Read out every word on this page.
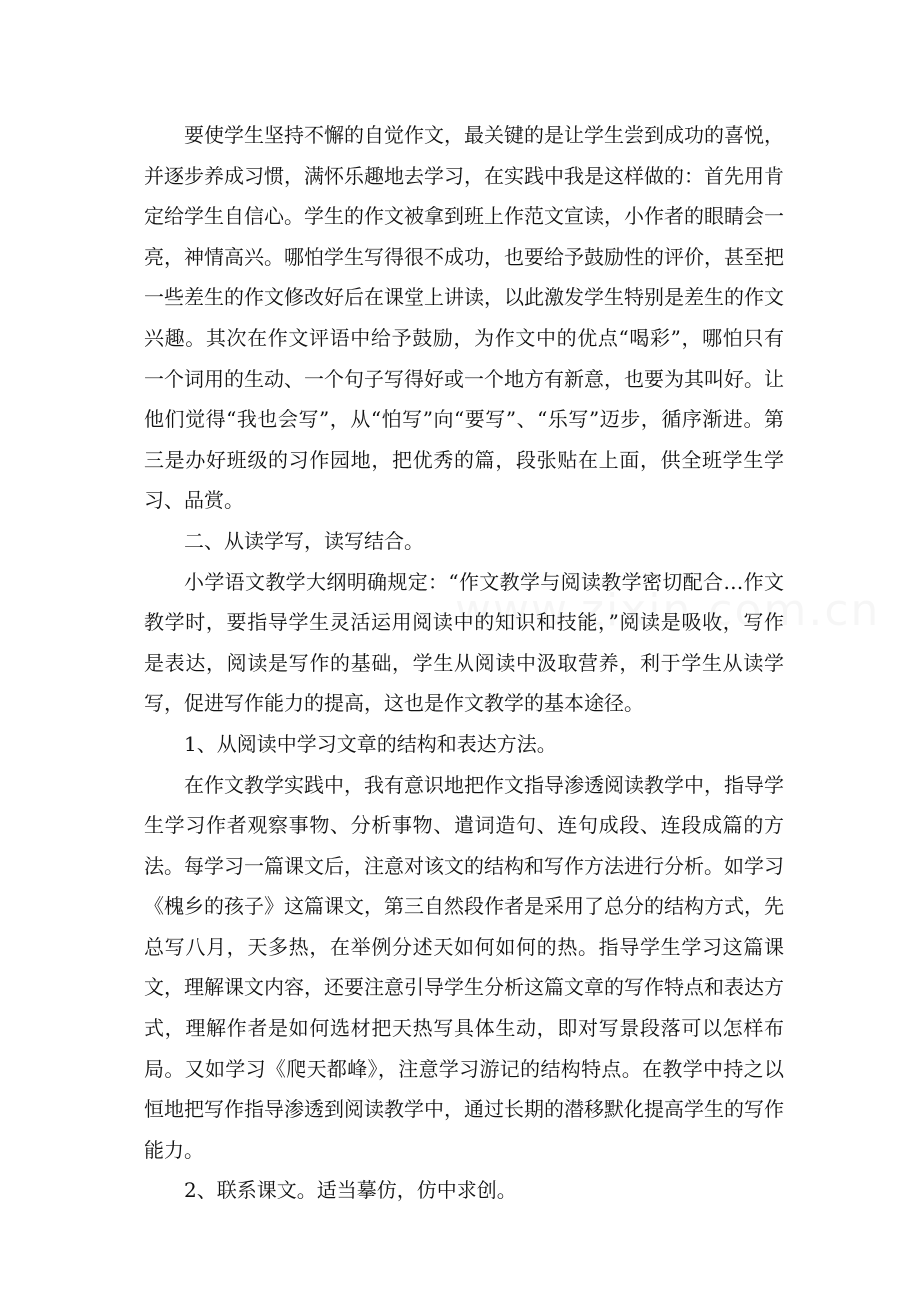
要使学生坚持不懈的自觉作文，最关键的是让学生尝到成功的喜悦，并逐步养成习惯，满怀乐趣地去学习，在实践中我是这样做的：首先用肯定给学生自信心。学生的作文被拿到班上作范文宣读，小作者的眼睛会一亮，神情高兴。哪怕学生写得很不成功，也要给予鼓励性的评价，甚至把一些差生的作文修改好后在课堂上讲读，以此激发学生特别是差生的作文兴趣。其次在作文评语中给予鼓励，为作文中的优点“喝彩”，哪怕只有一个词用的生动、一个句子写得好或一个地方有新意，也要为其叫好。让他们觉得“我也会写”，从“怕写”向“要写”、“乐写”迈步，循序渐进。第三是办好班级的习作园地，把优秀的篇，段张贴在上面，供全班学生学习、品赏。

二、从读学写，读写结合。

小学语文教学大纲明确规定：“作文教学与阅读教学密切配合…作文教学时，要指导学生灵活运用阅读中的知识和技能，”阅读是吸收，写作是表达，阅读是写作的基础，学生从阅读中汲取营养，利于学生从读学写，促进写作能力的提高，这也是作文教学的基本途径。

1、从阅读中学习文章的结构和表达方法。

在作文教学实践中，我有意识地把作文指导渗透阅读教学中，指导学生学习作者观察事物、分析事物、遣词造句、连句成段、连段成篇的方法。每学习一篇课文后，注意对该文的结构和写作方法进行分析。如学习《槐乡的孩子》这篇课文，第三自然段作者是采用了总分的结构方式，先总写八月，天多热，在举例分述天如何如何的热。指导学生学习这篇课文，理解课文内容，还要注意引导学生分析这篇文章的写作特点和表达方式，理解作者是如何选材把天热写具体生动，即对写景段落可以怎样布局。又如学习《爬天都峰》，注意学习游记的结构特点。在教学中持之以恒地把写作指导渗透到阅读教学中，通过长期的潜移默化提高学生的写作能力。

2、联系课文。适当摹仿，仿中求创。
